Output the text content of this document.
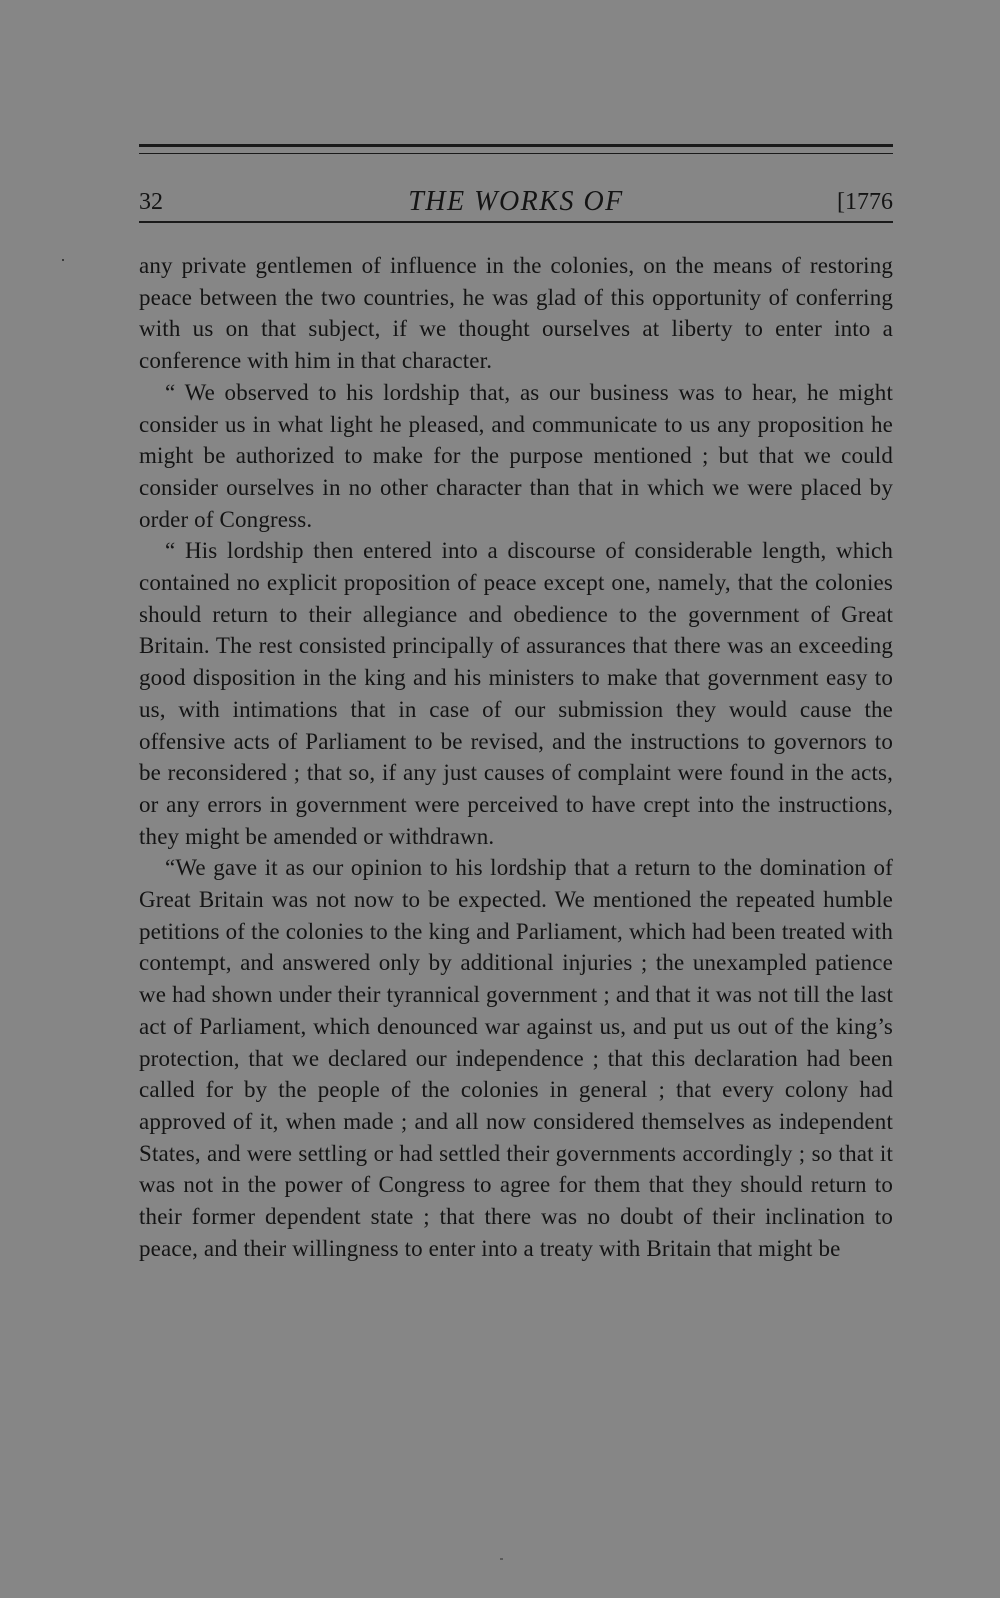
32	THE WORKS OF	[1776

any private gentlemen of influence in the colonies, on the means of restoring peace between the two countries, he was glad of this opportunity of conferring with us on that subject, if we thought ourselves at liberty to enter into a conference with him in that character.

“ We observed to his lordship that, as our business was to hear, he might consider us in what light he pleased, and communicate to us any proposition he might be authorized to make for the purpose mentioned ; but that we could consider ourselves in no other character than that in which we were placed by order of Congress.

“ His lordship then entered into a discourse of considerable length, which contained no explicit proposition of peace except one, namely, that the colonies should return to their allegiance and obedience to the government of Great Britain. The rest consisted principally of assurances that there was an exceeding good disposition in the king and his ministers to make that government easy to us, with intimations that in case of our submission they would cause the offensive acts of Parliament to be revised, and the instructions to governors to be reconsidered ; that so, if any just causes of complaint were found in the acts, or any errors in government were perceived to have crept into the instructions, they might be amended or withdrawn.

“We gave it as our opinion to his lordship that a return to the domination of Great Britain was not now to be expected. We mentioned the repeated humble petitions of the colonies to the king and Parliament, which had been treated with contempt, and answered only by additional injuries ; the unexampled patience we had shown under their tyrannical government ; and that it was not till the last act of Parliament, which denounced war against us, and put us out of the king’s protection, that we declared our independence ; that this declaration had been called for by the people of the colonies in general ; that every colony had approved of it, when made ; and all now considered themselves as independent States, and were settling or had settled their governments accordingly ; so that it was not in the power of Congress to agree for them that they should return to their former dependent state ; that there was no doubt of their inclination to peace, and their willingness to enter into a treaty with Britain that might be
